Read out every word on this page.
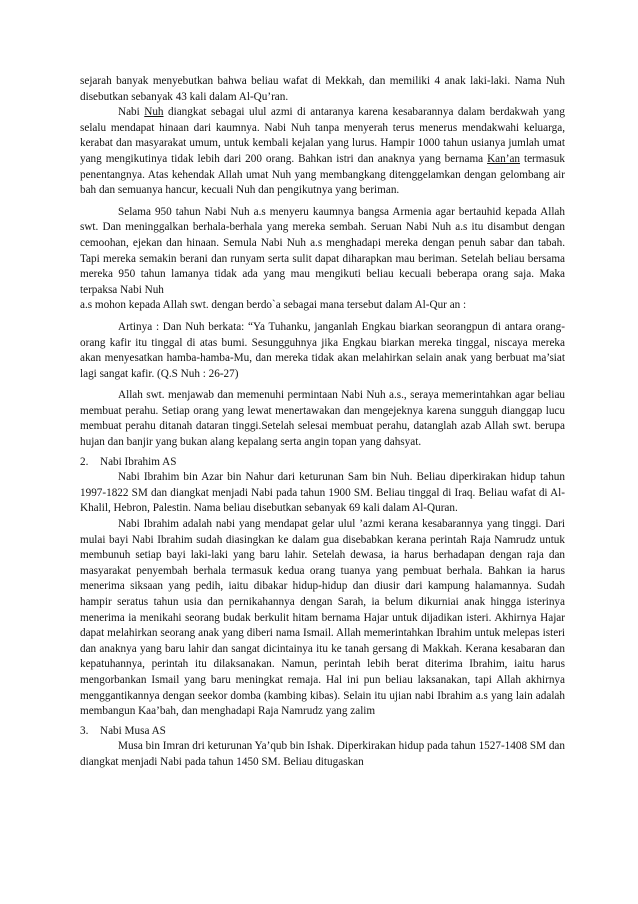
sejarah banyak menyebutkan bahwa beliau wafat di Mekkah, dan memiliki 4 anak laki-laki. Nama Nuh disebutkan sebanyak 43 kali dalam Al-Qu’ran.

Nabi Nuh diangkat sebagai ulul azmi di antaranya karena kesabarannya dalam berdakwah yang selalu mendapat hinaan dari kaumnya. Nabi Nuh tanpa menyerah terus menerus mendakwahi keluarga, kerabat dan masyarakat umum, untuk kembali kejalan yang lurus. Hampir 1000 tahun usianya jumlah umat yang mengikutinya tidak lebih dari 200 orang. Bahkan istri dan anaknya yang bernama Kan’an termasuk penentangnya. Atas kehendak Allah umat Nuh yang membangkang ditenggelamkan dengan gelombang air bah dan semuanya hancur, kecuali Nuh dan pengikutnya yang beriman.

Selama 950 tahun Nabi Nuh a.s menyeru kaumnya bangsa Armenia agar bertauhid kepada Allah swt. Dan meninggalkan berhala-berhala yang mereka sembah. Seruan Nabi Nuh a.s itu disambut dengan cemoohan, ejekan dan hinaan. Semula Nabi Nuh a.s menghadapi mereka dengan penuh sabar dan tabah. Tapi mereka semakin berani dan runyam serta sulit dapat diharapkan mau beriman. Setelah beliau bersama mereka 950 tahun lamanya tidak ada yang mau mengikuti beliau kecuali beberapa orang saja. Maka terpaksa Nabi Nuh

a.s mohon kepada Allah swt. dengan berdo`a sebagai mana tersebut dalam Al-Qur an :

Artinya : Dan Nuh berkata: “Ya Tuhanku, janganlah Engkau biarkan seorangpun di antara orang-orang kafir itu tinggal di atas bumi. Sesungguhnya jika Engkau biarkan mereka tinggal, niscaya mereka akan menyesatkan hamba-hamba-Mu, dan mereka tidak akan melahirkan selain anak yang berbuat ma’siat lagi sangat kafir. (Q.S Nuh : 26-27)

Allah swt. menjawab dan memenuhi permintaan Nabi Nuh a.s., seraya memerintahkan agar beliau membuat perahu. Setiap orang yang lewat menertawakan dan mengejeknya karena sungguh dianggap lucu membuat perahu ditanah dataran tinggi.Setelah selesai membuat perahu, datanglah azab Allah swt. berupa hujan dan banjir yang bukan alang kepalang serta angin topan yang dahsyat.

2.	Nabi Ibrahim AS

Nabi Ibrahim bin Azar bin Nahur dari keturunan Sam bin Nuh. Beliau diperkirakan hidup tahun 1997-1822 SM dan diangkat menjadi Nabi pada tahun 1900 SM. Beliau tinggal di Iraq. Beliau wafat di Al-Khalil, Hebron, Palestin. Nama beliau disebutkan sebanyak 69 kali dalam Al-Quran.

Nabi Ibrahim adalah nabi yang mendapat gelar ulul ’azmi kerana kesabarannya yang tinggi. Dari mulai bayi Nabi Ibrahim sudah diasingkan ke dalam gua disebabkan kerana perintah Raja Namrudz untuk membunuh setiap bayi laki-laki yang baru lahir. Setelah dewasa, ia harus berhadapan dengan raja dan masyarakat penyembah berhala termasuk kedua orang tuanya yang pembuat berhala. Bahkan ia harus menerima siksaan yang pedih, iaitu dibakar hidup-hidup dan diusir dari kampung halamannya. Sudah hampir seratus tahun usia dan pernikahannya dengan Sarah, ia belum dikurniai anak hingga isterinya menerima ia menikahi seorang budak berkulit hitam bernama Hajar untuk dijadikan isteri. Akhirnya Hajar dapat melahirkan seorang anak yang diberi nama Ismail. Allah memerintahkan Ibrahim untuk melepas isteri dan anaknya yang baru lahir dan sangat dicintainya itu ke tanah gersang di Makkah. Kerana kesabaran dan kepatuhannya, perintah itu dilaksanakan. Namun, perintah lebih berat diterima Ibrahim, iaitu harus mengorbankan Ismail yang baru meningkat remaja. Hal ini pun beliau laksanakan, tapi Allah akhirnya menggantikannya dengan seekor domba (kambing kibas). Selain itu ujian nabi Ibrahim a.s yang lain adalah membangun Kaa’bah, dan menghadapi Raja Namrudz yang zalim

3.	Nabi Musa AS

Musa bin Imran dri keturunan Ya’qub bin Ishak. Diperkirakan hidup pada tahun 1527-1408 SM dan diangkat menjadi Nabi pada tahun 1450 SM. Beliau ditugaskan
